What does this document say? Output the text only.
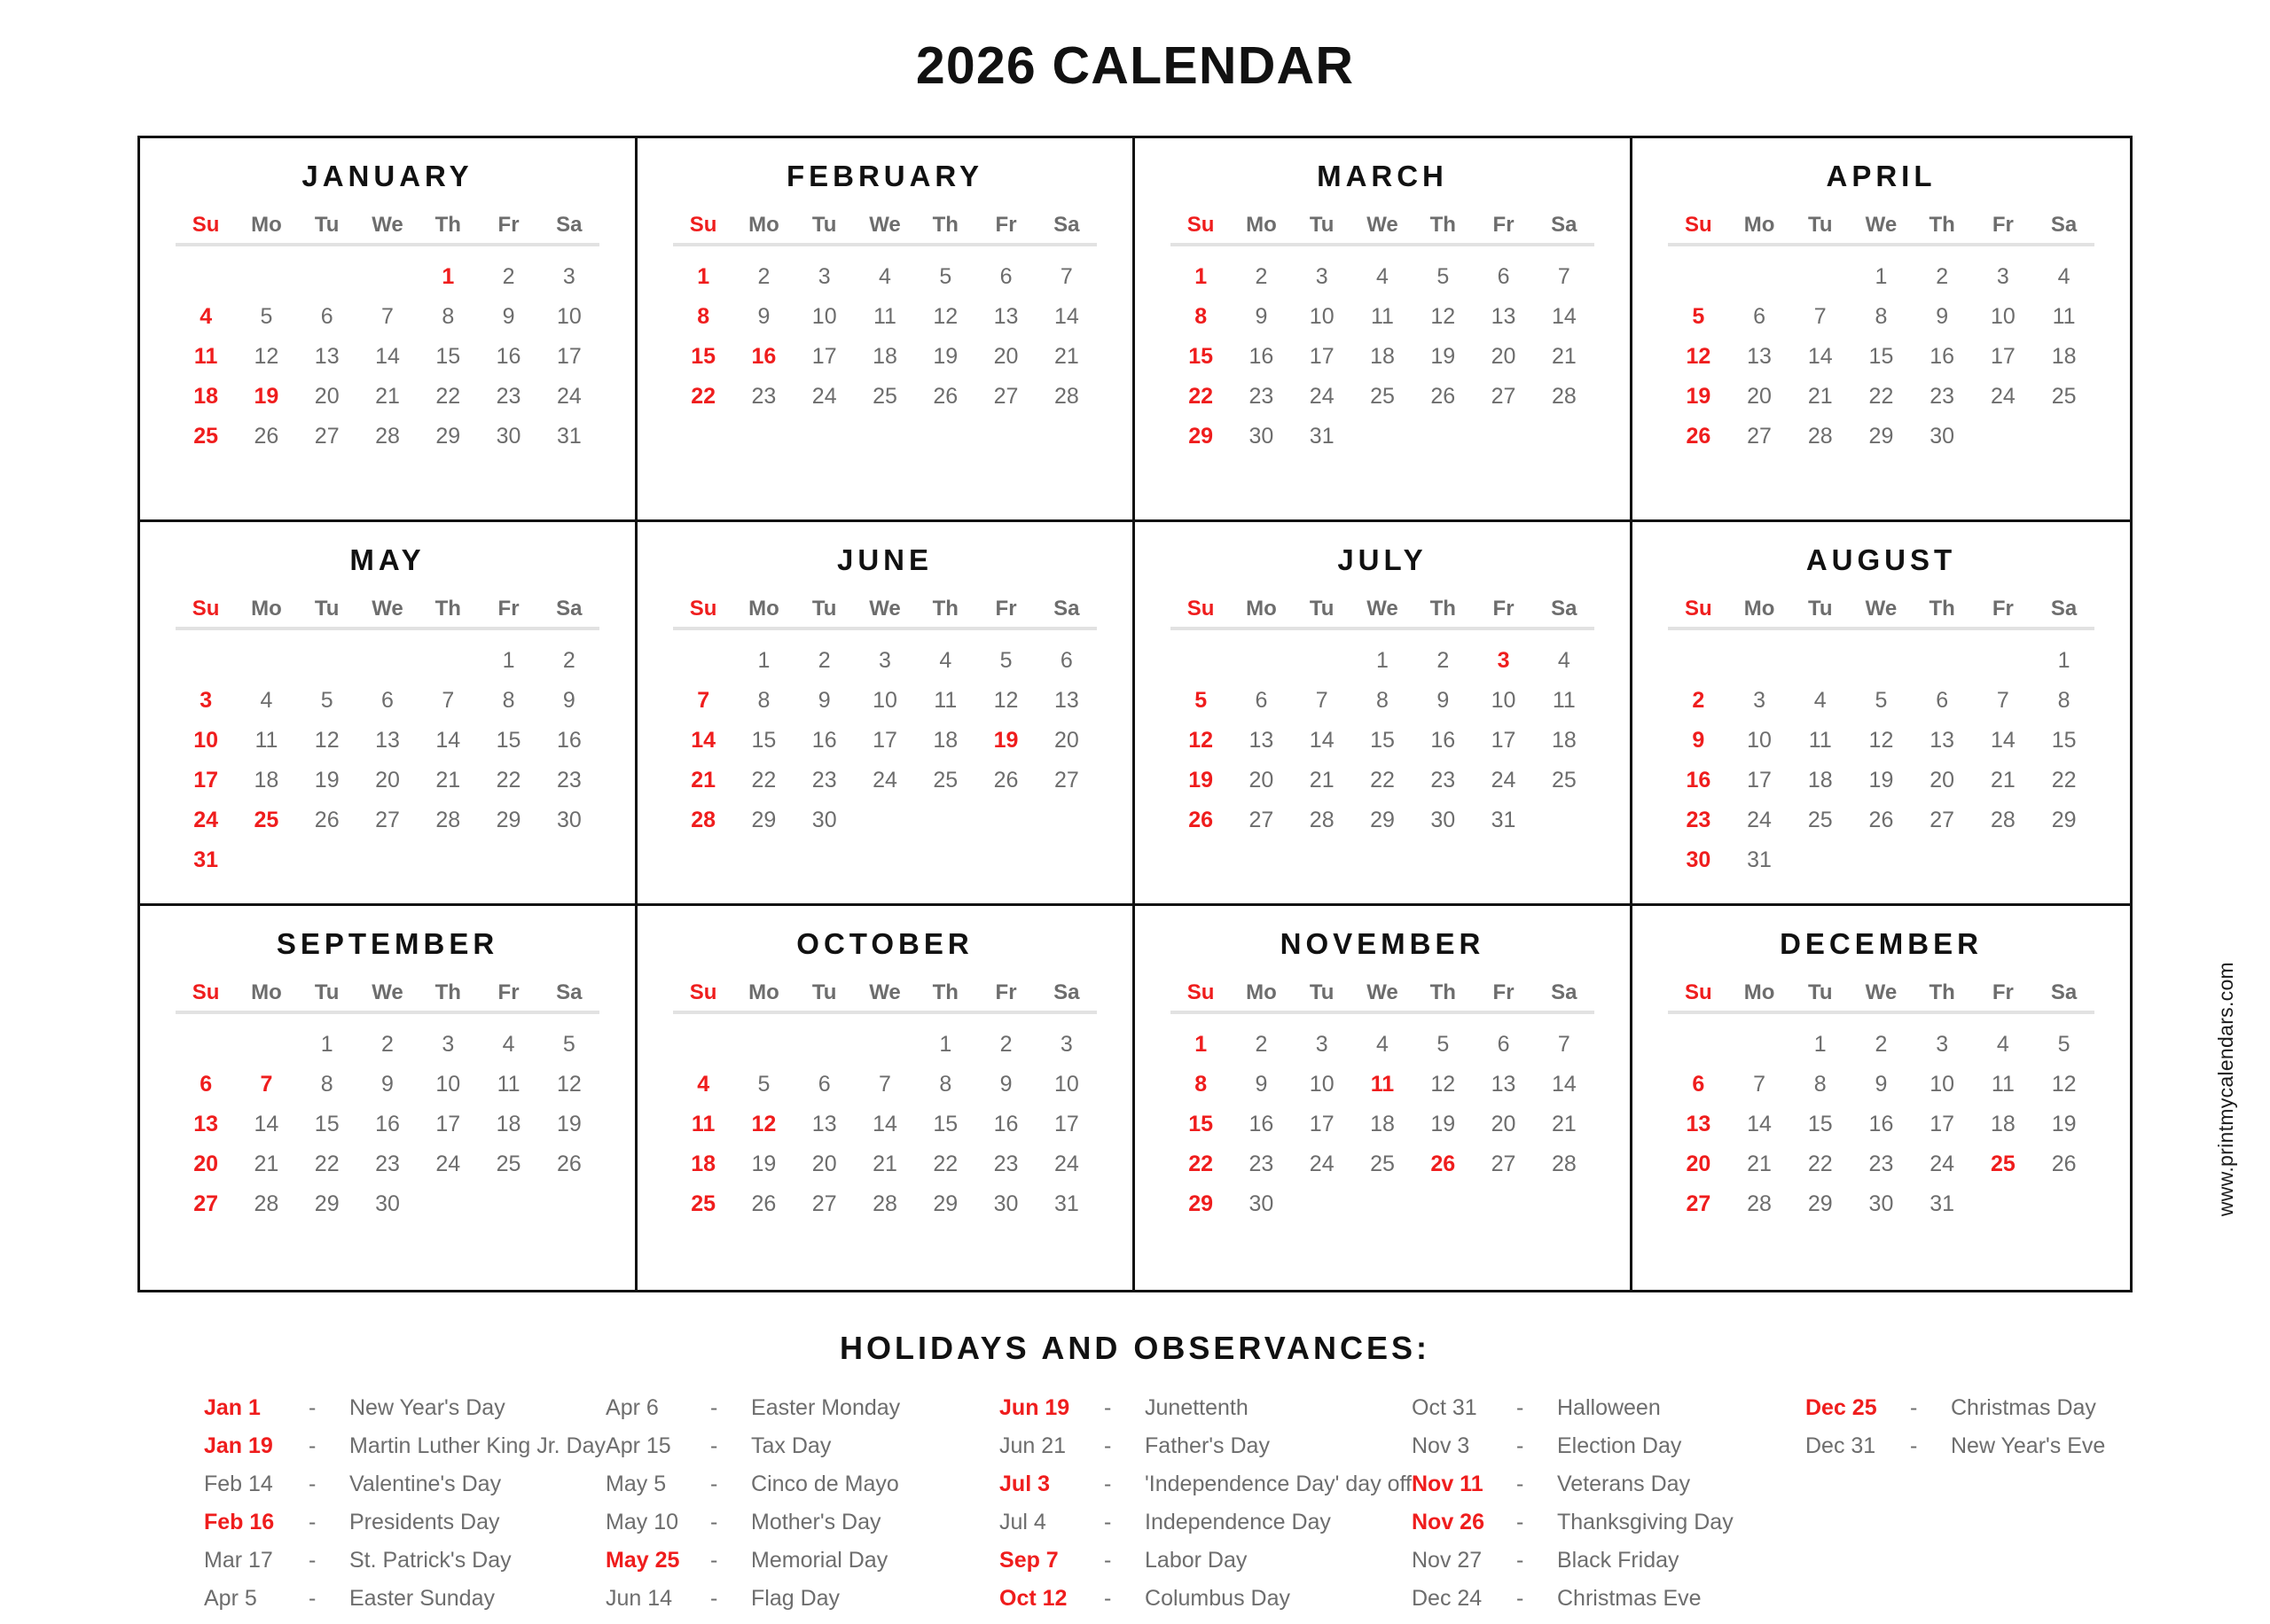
2026 CALENDAR
JANUARY
Su	Mo	Tu	We	Th	Fr	Sa

				1	2	3
4	5	6	7	8	9	10
11	12	13	14	15	16	17
18	19	20	21	22	23	24
25	26	27	28	29	30	31
FEBRUARY
Su	Mo	Tu	We	Th	Fr	Sa

1	2	3	4	5	6	7
8	9	10	11	12	13	14
15	16	17	18	19	20	21
22	23	24	25	26	27	28
MARCH
Su	Mo	Tu	We	Th	Fr	Sa

1	2	3	4	5	6	7
8	9	10	11	12	13	14
15	16	17	18	19	20	21
22	23	24	25	26	27	28
29	30	31				
APRIL
Su	Mo	Tu	We	Th	Fr	Sa

			1	2	3	4
5	6	7	8	9	10	11
12	13	14	15	16	17	18
19	20	21	22	23	24	25
26	27	28	29	30		
MAY
Su	Mo	Tu	We	Th	Fr	Sa

					1	2
3	4	5	6	7	8	9
10	11	12	13	14	15	16
17	18	19	20	21	22	23
24	25	26	27	28	29	30
31						
JUNE
Su	Mo	Tu	We	Th	Fr	Sa

	1	2	3	4	5	6
7	8	9	10	11	12	13
14	15	16	17	18	19	20
21	22	23	24	25	26	27
28	29	30				
JULY
Su	Mo	Tu	We	Th	Fr	Sa

			1	2	3	4
5	6	7	8	9	10	11
12	13	14	15	16	17	18
19	20	21	22	23	24	25
26	27	28	29	30	31	
AUGUST
Su	Mo	Tu	We	Th	Fr	Sa

						1
2	3	4	5	6	7	8
9	10	11	12	13	14	15
16	17	18	19	20	21	22
23	24	25	26	27	28	29
30	31					
SEPTEMBER
Su	Mo	Tu	We	Th	Fr	Sa

		1	2	3	4	5
6	7	8	9	10	11	12
13	14	15	16	17	18	19
20	21	22	23	24	25	26
27	28	29	30			
OCTOBER
Su	Mo	Tu	We	Th	Fr	Sa

				1	2	3
4	5	6	7	8	9	10
11	12	13	14	15	16	17
18	19	20	21	22	23	24
25	26	27	28	29	30	31
NOVEMBER
Su	Mo	Tu	We	Th	Fr	Sa

1	2	3	4	5	6	7
8	9	10	11	12	13	14
15	16	17	18	19	20	21
22	23	24	25	26	27	28
29	30					
DECEMBER
Su	Mo	Tu	We	Th	Fr	Sa

		1	2	3	4	5
6	7	8	9	10	11	12
13	14	15	16	17	18	19
20	21	22	23	24	25	26
27	28	29	30	31			www.printmycalendars.com
HOLIDAYS AND OBSERVANCES:
Jan 1	-	New Year's Day
Jan 19	-	Martin Luther King Jr. Day
Feb 14	-	Valentine's Day
Feb 16	-	Presidents Day
Mar 17	-	St. Patrick's Day
Apr 5	-	Easter Sunday
Apr 6	-	Easter Monday
Apr 15	-	Tax Day
May 5	-	Cinco de Mayo
May 10	-	Mother's Day
May 25	-	Memorial Day
Jun 14	-	Flag Day
Jun 19	-	Junettenth
Jun 21	-	Father's Day
Jul 3	-	'Independence Day' day off
Jul 4	-	Independence Day
Sep 7	-	Labor Day
Oct 12	-	Columbus Day
Oct 31	-	Halloween
Nov 3	-	Election Day
Nov 11	-	Veterans Day
Nov 26	-	Thanksgiving Day
Nov 27	-	Black Friday
Dec 24	-	Christmas Eve
Dec 25	-	Christmas Day
Dec 31	-	New Year's Eve
